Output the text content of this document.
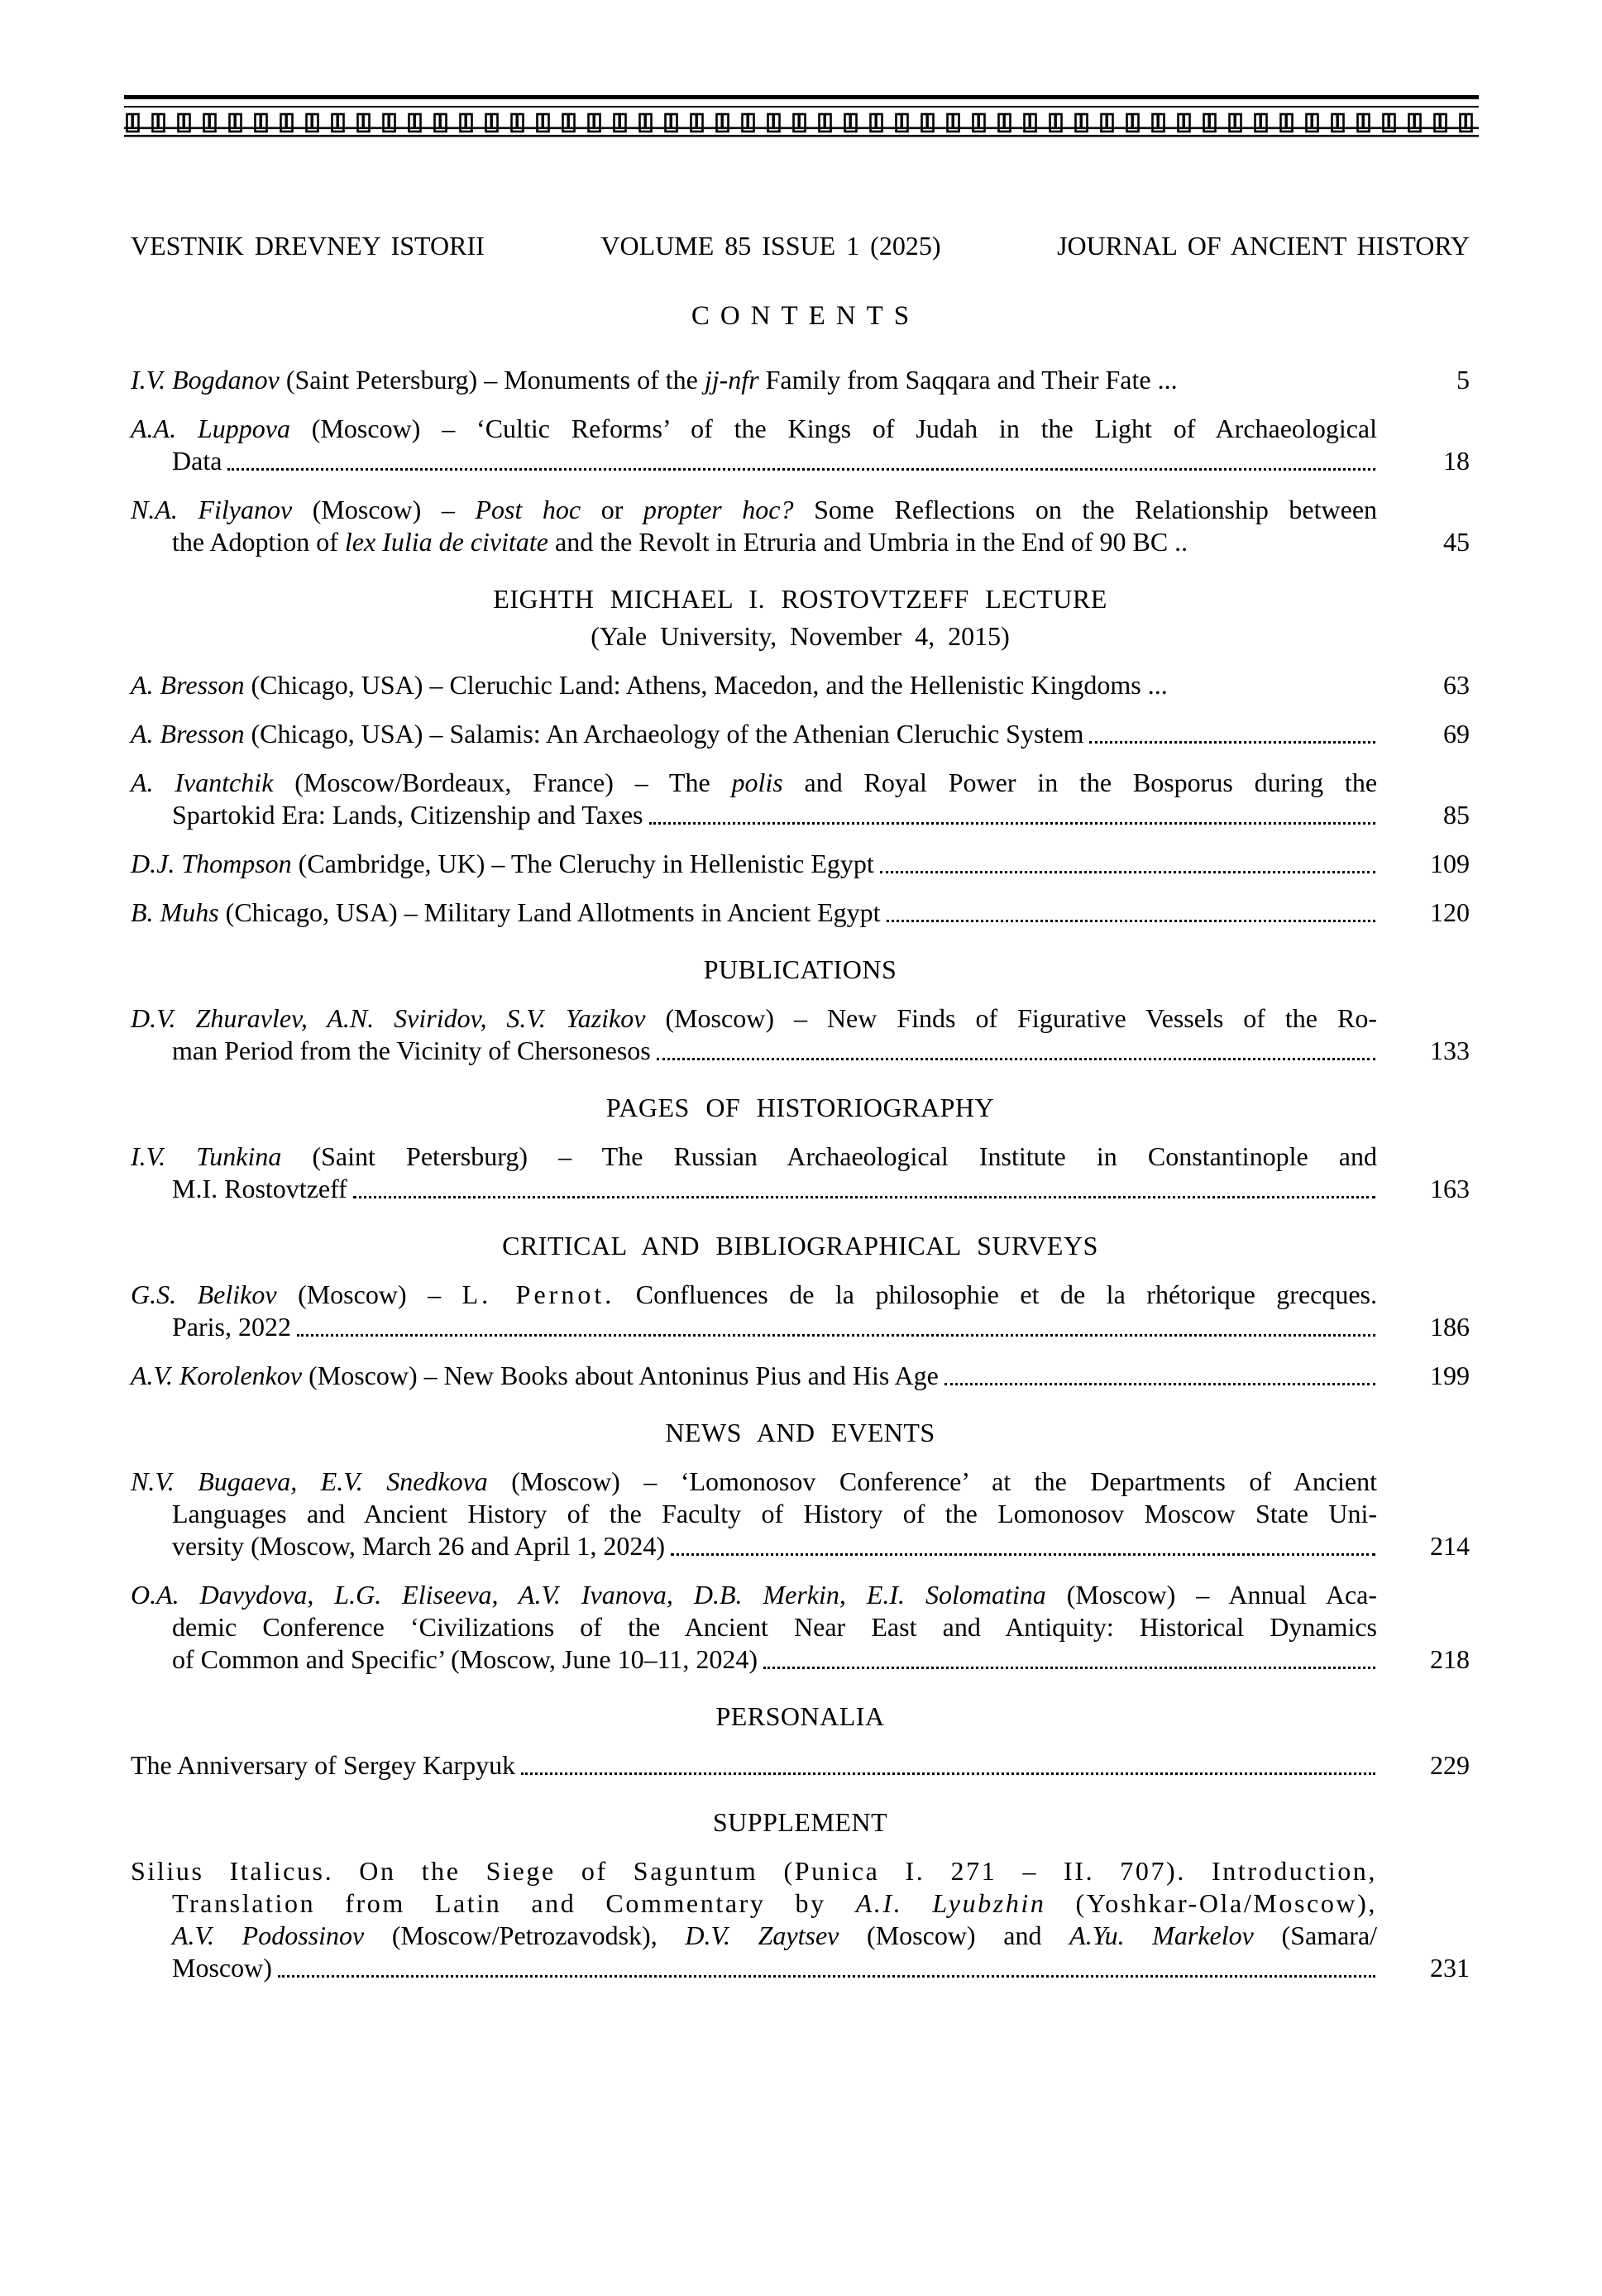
VESTNIK DREVNEY ISTORII	VOLUME 85 ISSUE 1 (2025)	JOURNAL OF ANCIENT HISTORY
CONTENTS
I.V. Bogdanov (Saint Petersburg) – Monuments of the jj-nfr Family from Saqqara and Their Fate ...	5
A.A. Luppova (Moscow) – ‘Cultic Reforms’ of the Kings of Judah in the Light of Archaeological
Data	18
N.A. Filyanov (Moscow) – Post hoc or propter hoc? Some Reflections on the Relationship between
the Adoption of lex Iulia de civitate and the Revolt in Etruria and Umbria in the End of 90 BC ..	45
EIGHTH MICHAEL I. ROSTOVTZEFF LECTURE
(Yale University, November 4, 2015)
A. Bresson (Chicago, USA) – Cleruchic Land: Athens, Macedon, and the Hellenistic Kingdoms ...	63
A. Bresson (Chicago, USA) – Salamis: An Archaeology of the Athenian Cleruchic System	69
A. Ivantchik (Moscow/Bordeaux, France) – The polis and Royal Power in the Bosporus during the
Spartokid Era: Lands, Citizenship and Taxes	85
D.J. Thompson (Cambridge, UK) – The Cleruchy in Hellenistic Egypt	109
B. Muhs (Chicago, USA) – Military Land Allotments in Ancient Egypt	120
PUBLICATIONS
D.V. Zhuravlev, A.N. Sviridov, S.V. Yazikov (Moscow) – New Finds of Figurative Vessels of the Ro-
man Period from the Vicinity of Chersonesos	133
PAGES OF HISTORIOGRAPHY
I.V. Tunkina (Saint Petersburg) – The Russian Archaeological Institute in Constantinople and
M.I. Rostovtzeff	163
CRITICAL AND BIBLIOGRAPHICAL SURVEYS
G.S. Belikov (Moscow) – L. Pernot. Confluences de la philosophie et de la rhétorique grecques.
Paris, 2022	186
A.V. Korolenkov (Moscow) – New Books about Antoninus Pius and His Age	199
NEWS AND EVENTS
N.V. Bugaeva, E.V. Snedkova (Moscow) – ‘Lomonosov Conference’ at the Departments of Ancient
Languages and Ancient History of the Faculty of History of the Lomonosov Moscow State Uni-
versity (Moscow, March 26 and April 1, 2024)	214
O.A. Davydova, L.G. Eliseeva, A.V. Ivanova, D.B. Merkin, E.I. Solomatina (Moscow) – Annual Aca-
demic Conference ‘Civilizations of the Ancient Near East and Antiquity: Historical Dynamics
of Common and Specific’ (Moscow, June 10–11, 2024)	218
PERSONALIA
The Anniversary of Sergey Karpyuk	229
SUPPLEMENT
Silius Italicus. On the Siege of Saguntum (Punica I. 271 – II. 707). Introduction,
Translation from Latin and Commentary by A.I. Lyubzhin (Yoshkar-Ola/Moscow),
A.V. Podossinov (Moscow/Petrozavodsk), D.V. Zaytsev (Moscow) and A.Yu. Markelov (Samara/
Moscow)	231
